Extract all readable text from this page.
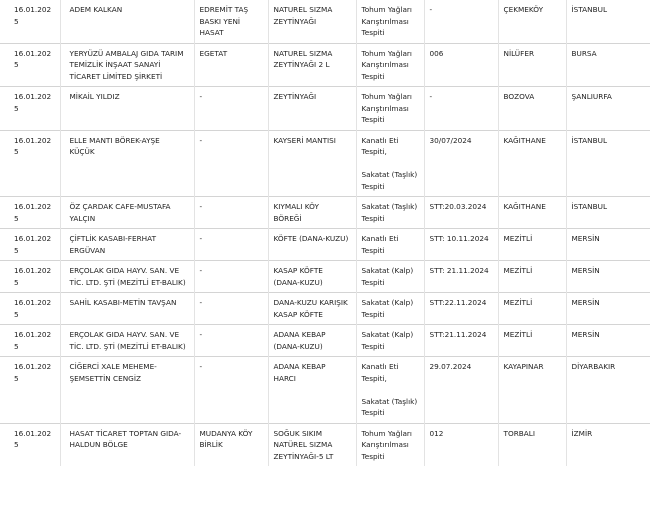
16.01.2025	ADEM KALKAN	EDREMİT TAŞ
BASKI YENİ
HASAT	NATUREL SIZMA
ZEYTİNYAĞI	Tohum Yağları
Karıştırılması
Tespiti	-	ÇEKMEKÖY	İSTANBUL
16.01.2025	YERYÜZÜ AMBALAJ GIDA TARIM
TEMİZLİK İNŞAAT SANAYİ
TİCARET LİMİTED ŞİRKETİ	EGETAT	NATUREL SIZMA
ZEYTİNYAĞI 2 L	Tohum Yağları
Karıştırılması
Tespiti	006	NİLÜFER	BURSA
16.01.2025	MİKAİL YILDIZ	-	ZEYTİNYAĞI	Tohum Yağları
Karıştırılması
Tespiti	-	BOZOVA	ŞANLIURFA
16.01.2025	ELLE MANTI BÖREK-AYŞE
KÜÇÜK	-	KAYSERİ MANTISI	Kanatlı Eti
Tespiti,

Sakatat (Taşlık)
Tespiti	30/07/2024	KAĞITHANE	İSTANBUL
16.01.2025	ÖZ ÇARDAK CAFE-MUSTAFA
YALÇIN	-	KIYMALI KÖY
BÖREĞİ	Sakatat (Taşlık)
Tespiti	STT:20.03.2024	KAĞITHANE	İSTANBUL
16.01.2025	ÇİFTLİK KASABI-FERHAT
ERGÜVAN	-	KÖFTE (DANA-KUZU)	Kanatlı Eti
Tespiti	STT: 10.11.2024	MEZİTLİ	MERSİN
16.01.2025	ERÇOLAK GIDA HAYV. SAN. VE
TİC. LTD. ŞTİ (MEZİTLİ ET-BALIK)	-	KASAP KÖFTE
(DANA-KUZU)	Sakatat (Kalp)
Tespiti	STT: 21.11.2024	MEZİTLİ	MERSİN
16.01.2025	SAHİL KASABI-METİN TAVŞAN	-	DANA-KUZU KARIŞIK
KASAP KÖFTE	Sakatat (Kalp)
Tespiti	STT:22.11.2024	MEZİTLİ	MERSİN
16.01.2025	ERÇOLAK GIDA HAYV. SAN. VE
TİC. LTD. ŞTİ (MEZİTLİ ET-BALIK)	-	ADANA KEBAP
(DANA-KUZU)	Sakatat (Kalp)
Tespiti	STT:21.11.2024	MEZİTLİ	MERSİN
16.01.2025	CİĞERCİ XALE MEHEME-
ŞEMSETTİN CENGİZ	-	ADANA KEBAP
HARCI	Kanatlı Eti
Tespiti,

Sakatat (Taşlık)
Tespiti	29.07.2024	KAYAPINAR	DİYARBAKIR
16.01.2025	HASAT TİCARET TOPTAN GIDA-
HALDUN BÖLGE	MUDANYA KÖY
BİRLİK	SOĞUK SIKIM
NATÜREL SIZMA
ZEYTİNYAĞI-5 LT	Tohum Yağları
Karıştırılması
Tespiti	012	TORBALI	İZMİR
